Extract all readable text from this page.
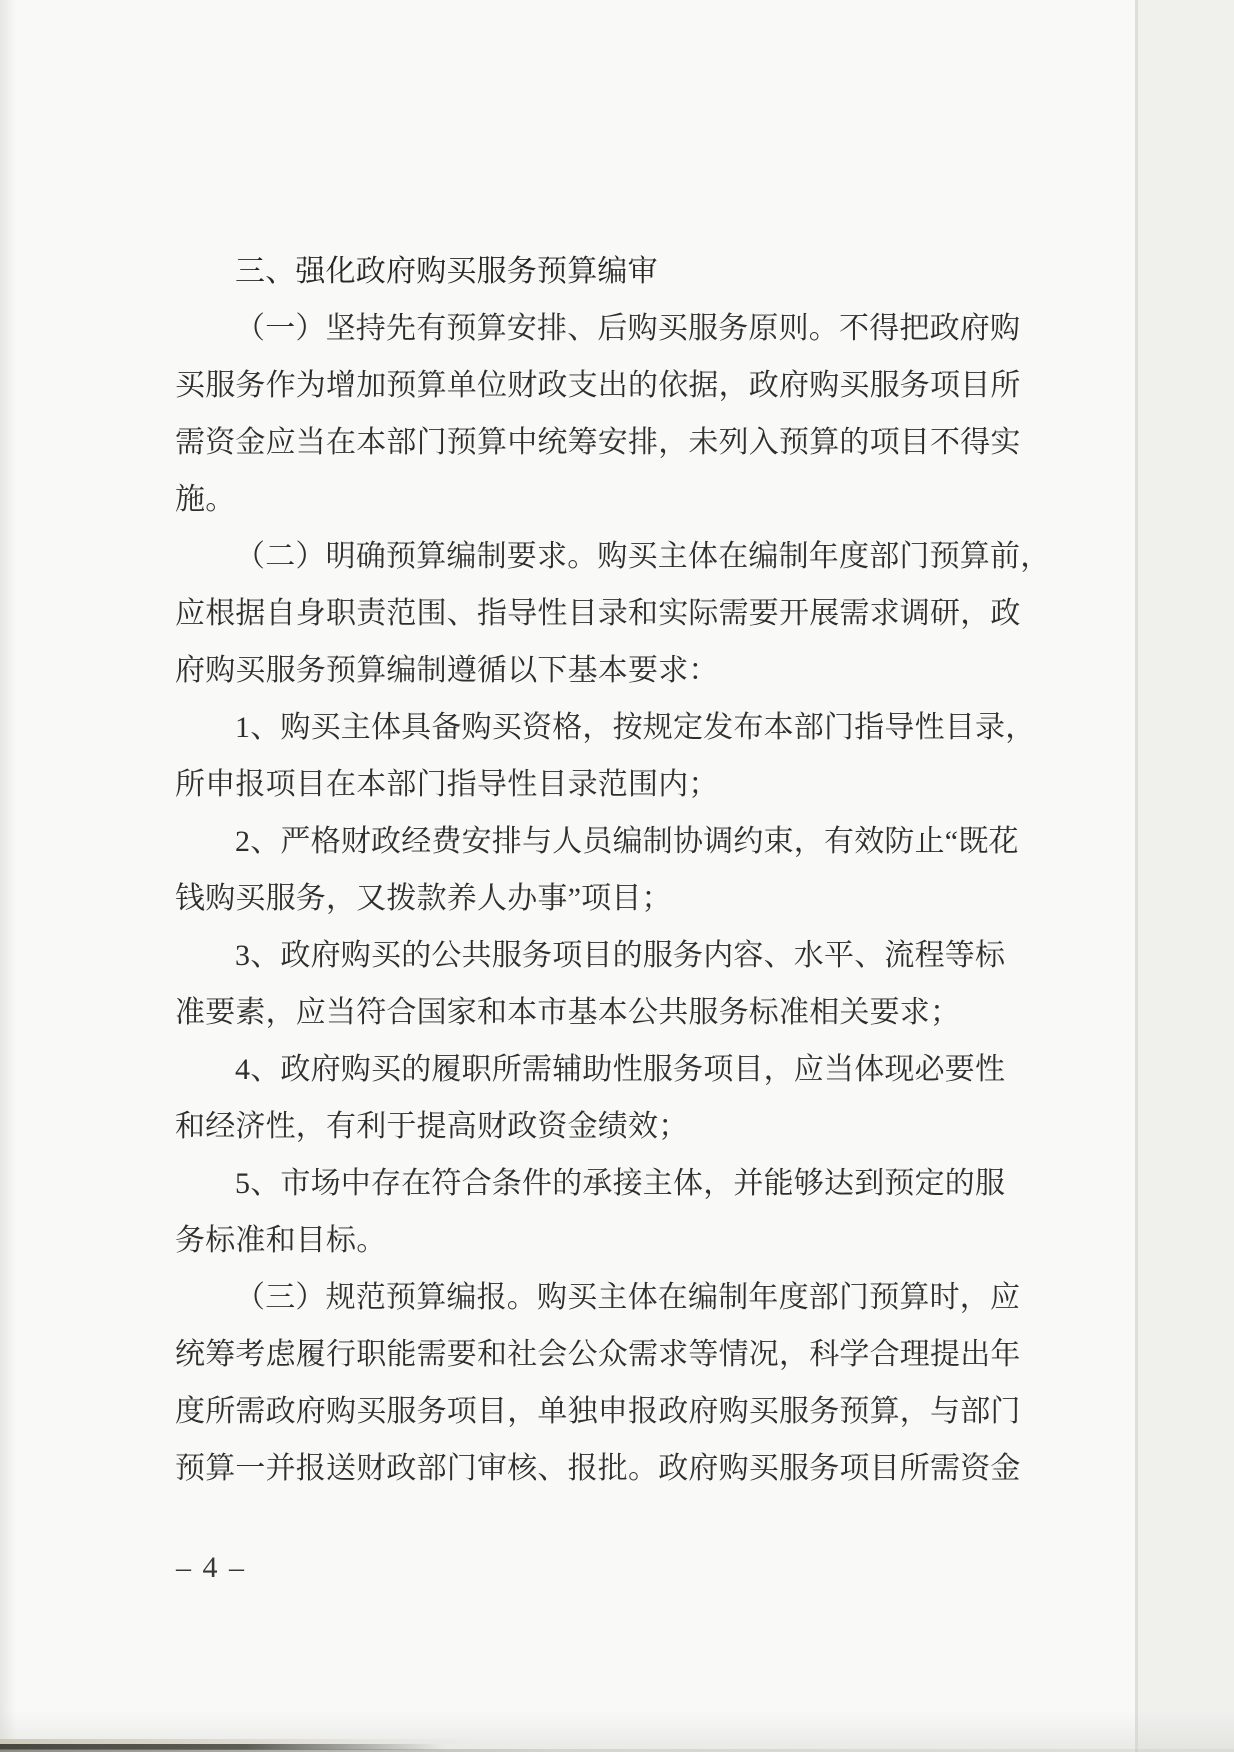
三、强化政府购买服务预算编审
（一）坚持先有预算安排、后购买服务原则。不得把政府购
买服务作为增加预算单位财政支出的依据，政府购买服务项目所
需资金应当在本部门预算中统筹安排，未列入预算的项目不得实
施。
（二）明确预算编制要求。购买主体在编制年度部门预算前，
应根据自身职责范围、指导性目录和实际需要开展需求调研，政
府购买服务预算编制遵循以下基本要求：
1、购买主体具备购买资格，按规定发布本部门指导性目录，
所申报项目在本部门指导性目录范围内；
2、严格财政经费安排与人员编制协调约束，有效防止“既花
钱购买服务，又拨款养人办事”项目；
3、政府购买的公共服务项目的服务内容、水平、流程等标
准要素，应当符合国家和本市基本公共服务标准相关要求；
4、政府购买的履职所需辅助性服务项目，应当体现必要性
和经济性，有利于提高财政资金绩效；
5、市场中存在符合条件的承接主体，并能够达到预定的服
务标准和目标。
（三）规范预算编报。购买主体在编制年度部门预算时，应
统筹考虑履行职能需要和社会公众需求等情况，科学合理提出年
度所需政府购买服务项目，单独申报政府购买服务预算，与部门
预算一并报送财政部门审核、报批。政府购买服务项目所需资金
– 4 –
